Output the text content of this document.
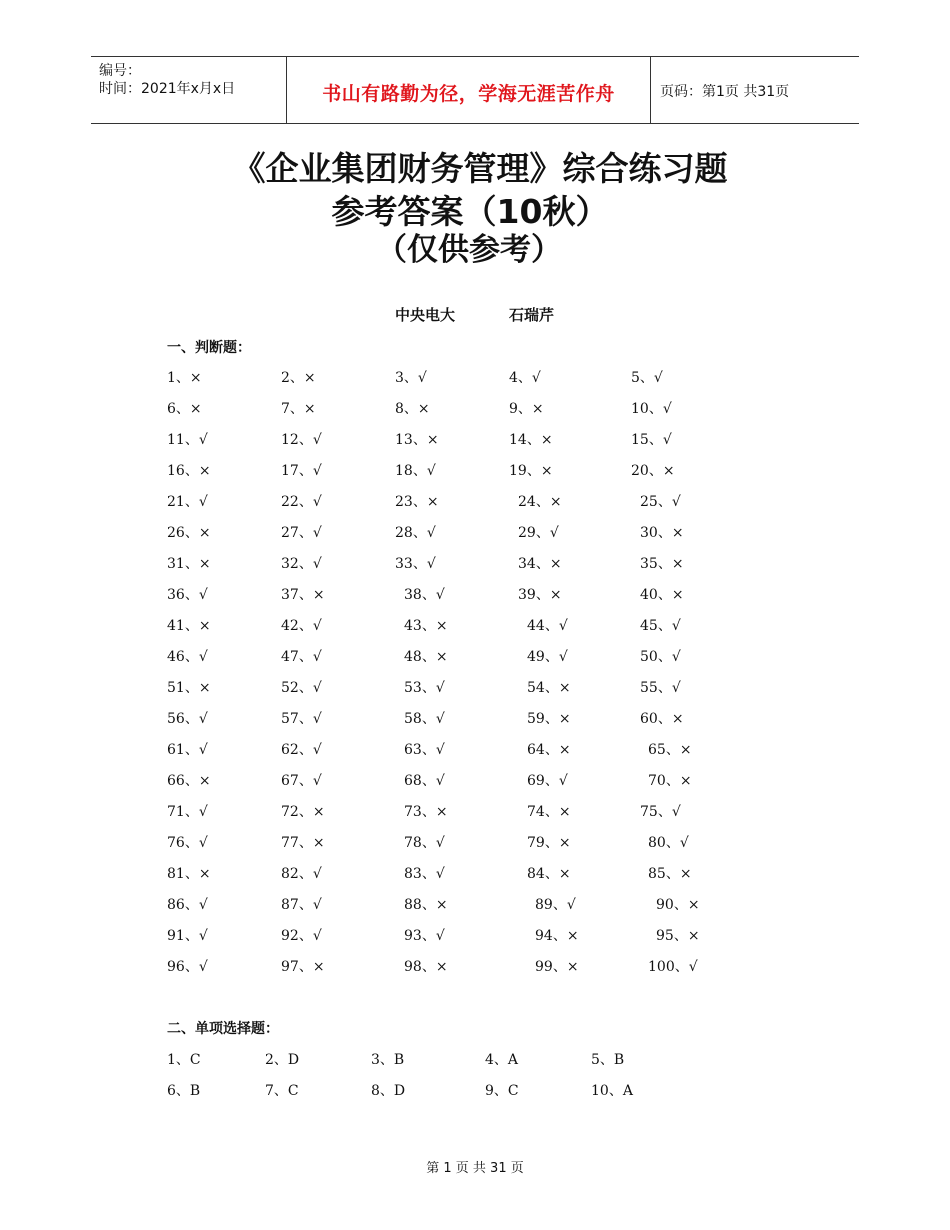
编号：
时间：2021年x月x日	书山有路勤为径，学海无涯苦作舟	页码：第1页 共31页
《企业集团财务管理》综合练习题
参考答案（10秋）
（仅供参考）
中央电大	石瑞芹
一、判断题：
1、×	2、×	3、√	4、√	5、√
6、×	7、×	8、×	9、×	10、√
11、√	12、√	13、×	14、×	15、√
16、×	17、√	18、√	19、×	20、×
21、√	22、√	23、×	24、×	25、√
26、×	27、√	28、√	29、√	30、×
31、×	32、√	33、√	34、×	35、×
36、√	37、×	38、√	39、×	40、×
41、×	42、√	43、×	44、√	45、√
46、√	47、√	48、×	49、√	50、√
51、×	52、√	53、√	54、×	55、√
56、√	57、√	58、√	59、×	60、×
61、√	62、√	63、√	64、×	65、×
66、×	67、√	68、√	69、√	70、×
71、√	72、×	73、×	74、×	75、√
76、√	77、×	78、√	79、×	80、√
81、×	82、√	83、√	84、×	85、×
86、√	87、√	88、×	89、√	90、×
91、√	92、√	93、√	94、×	95、×
96、√	97、×	98、×	99、×	100、√
二、单项选择题：
1、C	2、D	3、B	4、A	5、B
6、B	7、C	8、D	9、C	10、A
第 1 页 共 31 页
